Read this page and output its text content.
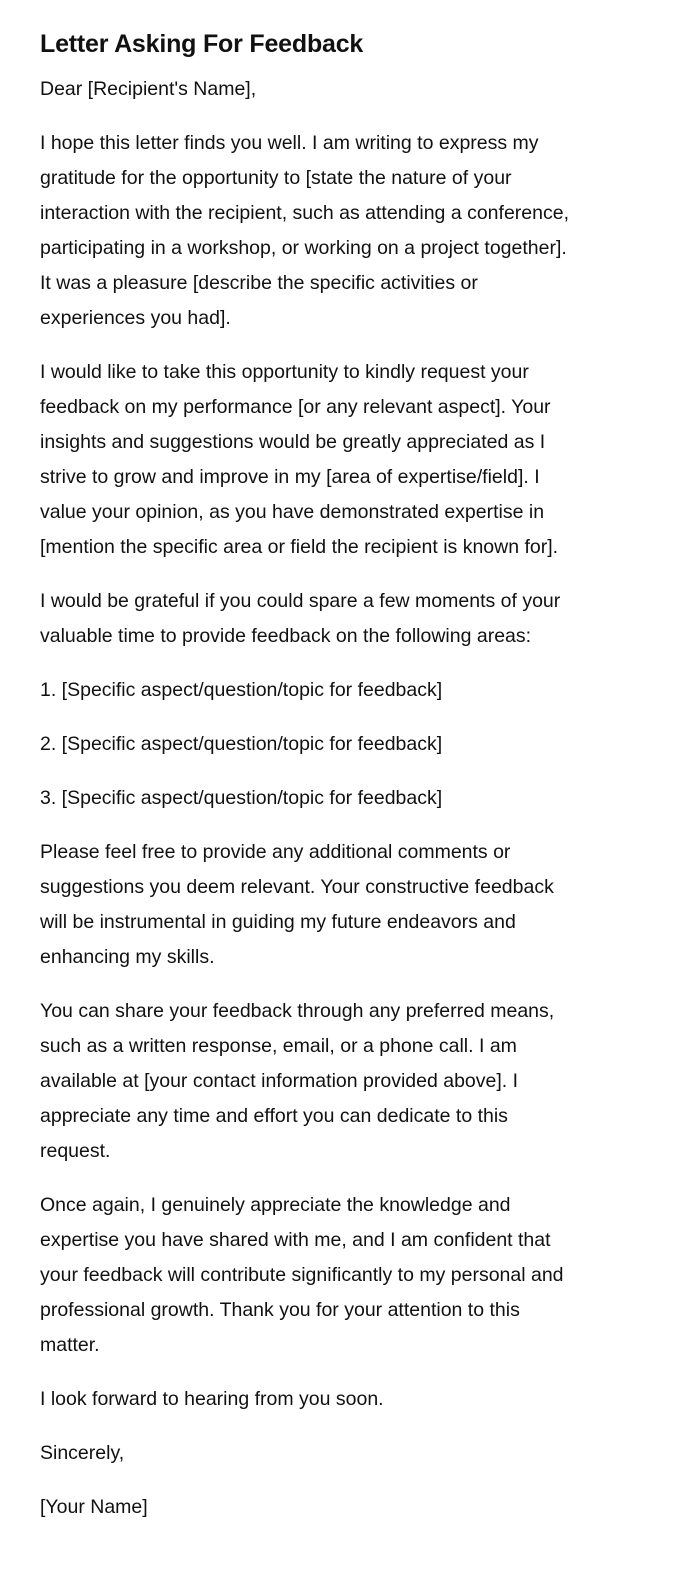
Letter Asking For Feedback

Dear [Recipient's Name],

I hope this letter finds you well. I am writing to express my
gratitude for the opportunity to [state the nature of your
interaction with the recipient, such as attending a conference,
participating in a workshop, or working on a project together].
It was a pleasure [describe the specific activities or
experiences you had].

I would like to take this opportunity to kindly request your
feedback on my performance [or any relevant aspect]. Your
insights and suggestions would be greatly appreciated as I
strive to grow and improve in my [area of expertise/field]. I
value your opinion, as you have demonstrated expertise in
[mention the specific area or field the recipient is known for].

I would be grateful if you could spare a few moments of your
valuable time to provide feedback on the following areas:

1. [Specific aspect/question/topic for feedback]

2. [Specific aspect/question/topic for feedback]

3. [Specific aspect/question/topic for feedback]

Please feel free to provide any additional comments or
suggestions you deem relevant. Your constructive feedback
will be instrumental in guiding my future endeavors and
enhancing my skills.

You can share your feedback through any preferred means,
such as a written response, email, or a phone call. I am
available at [your contact information provided above]. I
appreciate any time and effort you can dedicate to this
request.

Once again, I genuinely appreciate the knowledge and
expertise you have shared with me, and I am confident that
your feedback will contribute significantly to my personal and
professional growth. Thank you for your attention to this
matter.

I look forward to hearing from you soon.

Sincerely,

[Your Name]
